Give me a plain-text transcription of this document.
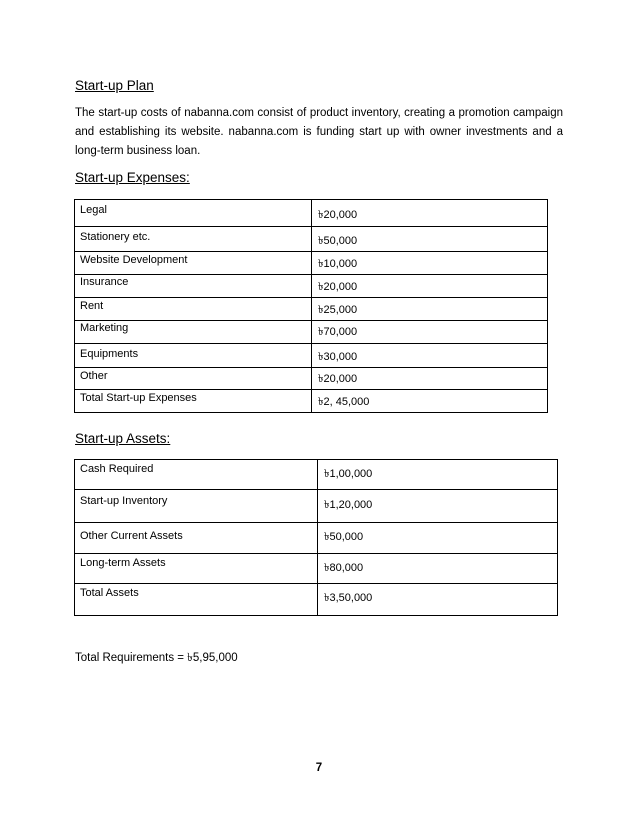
Start-up Plan
The start-up costs of nabanna.com consist of product inventory, creating a promotion campaign and establishing its website. nabanna.com is funding start up with owner investments and a long-term business loan.
Start-up Expenses:
Legal	৳20,000
Stationery etc.	৳50,000
Website Development	৳10,000
Insurance	৳20,000
Rent	৳25,000
Marketing	৳70,000
Equipments	৳30,000
Other	৳20,000
Total Start-up Expenses	৳2, 45,000
Start-up Assets:
Cash Required	৳1,00,000
Start-up Inventory	৳1,20,000
Other Current Assets	৳50,000
Long-term Assets	৳80,000
Total Assets	৳3,50,000
Total Requirements = ৳5,95,000
7
